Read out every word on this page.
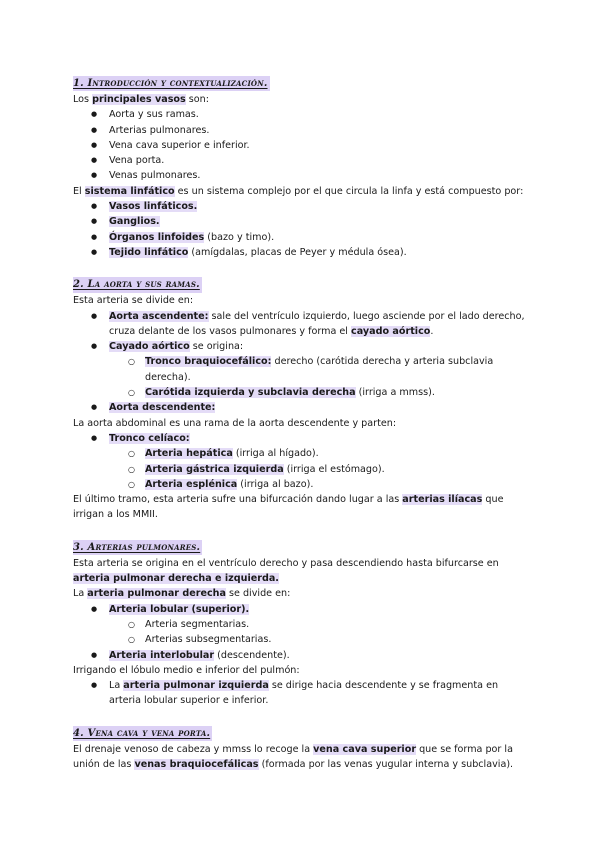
1. Introducción y contextualización.

Los principales vasos son:

● Aorta y sus ramas.
● Arterias pulmonares.
● Vena cava superior e inferior.
● Vena porta.
● Venas pulmonares.

El sistema linfático es un sistema complejo por el que circula la linfa y está compuesto por:

● Vasos linfáticos.
● Ganglios.
● Órganos linfoides (bazo y timo).
● Tejido linfático (amígdalas, placas de Peyer y médula ósea).
2. La aorta y sus ramas.

Esta arteria se divide en:

● Aorta ascendente: sale del ventrículo izquierdo, luego asciende por el lado derecho, cruza delante de los vasos pulmonares y forma el cayado aórtico.
● Cayado aórtico se origina:
○ Tronco braquiocefálico: derecho (carótida derecha y arteria subclavia derecha).
○ Carótida izquierda y subclavia derecha (irriga a mmss).
● Aorta descendente:

La aorta abdominal es una rama de la aorta descendente y parten:

● Tronco celíaco:
○ Arteria hepática (irriga al hígado).
○ Arteria gástrica izquierda (irriga el estómago).
○ Arteria esplénica (irriga al bazo).

El último tramo, esta arteria sufre una bifurcación dando lugar a las arterias ilíacas que irrigan a los MMII.

3. Arterias pulmonares.

Esta arteria se origina en el ventrículo derecho y pasa descendiendo hasta bifurcarse en arteria pulmonar derecha e izquierda.

La arteria pulmonar derecha se divide en:

● Arteria lobular (superior).
○ Arteria segmentarias.
○ Arterias subsegmentarias.
● Arteria interlobular (descendente).

Irrigando el lóbulo medio e inferior del pulmón:

● La arteria pulmonar izquierda se dirige hacia descendente y se fragmenta en arteria lobular superior e inferior.
4. Vena cava y vena porta.

El drenaje venoso de cabeza y mmss lo recoge la vena cava superior que se forma por la unión de las venas braquiocefálicas (formada por las venas yugular interna y subclavia).
